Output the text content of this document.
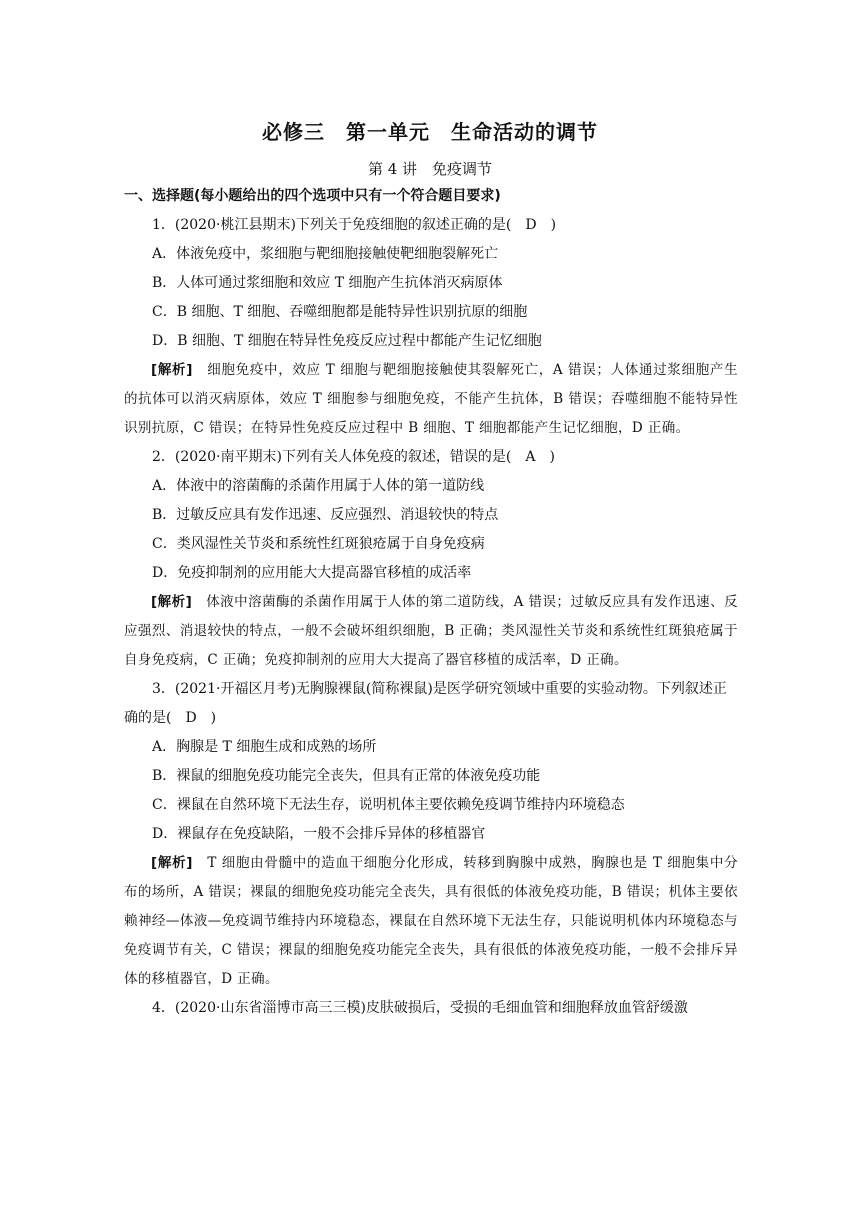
必修三　第一单元　生命活动的调节
第 4 讲　免疫调节

一、选择题(每小题给出的四个选项中只有一个符合题目要求)

1．(2020·桃江县期末)下列关于免疫细胞的叙述正确的是(　D　)

A．体液免疫中，浆细胞与靶细胞接触使靶细胞裂解死亡

B．人体可通过浆细胞和效应 T 细胞产生抗体消灭病原体

C．B 细胞、T 细胞、吞噬细胞都是能特异性识别抗原的细胞

D．B 细胞、T 细胞在特异性免疫反应过程中都能产生记忆细胞

[解析]　细胞免疫中，效应 T 细胞与靶细胞接触使其裂解死亡，A 错误；人体通过浆细胞产生的抗体可以消灭病原体，效应 T 细胞参与细胞免疫，不能产生抗体，B 错误；吞噬细胞不能特异性识别抗原，C 错误；在特异性免疫反应过程中 B 细胞、T 细胞都能产生记忆细胞，D 正确。

2．(2020·南平期末)下列有关人体免疫的叙述，错误的是(　A　)

A．体液中的溶菌酶的杀菌作用属于人体的第一道防线

B．过敏反应具有发作迅速、反应强烈、消退较快的特点

C．类风湿性关节炎和系统性红斑狼疮属于自身免疫病

D．免疫抑制剂的应用能大大提高器官移植的成活率

[解析]　体液中溶菌酶的杀菌作用属于人体的第二道防线，A 错误；过敏反应具有发作迅速、反应强烈、消退较快的特点，一般不会破坏组织细胞，B 正确；类风湿性关节炎和系统性红斑狼疮属于自身免疫病，C 正确；免疫抑制剂的应用大大提高了器官移植的成活率，D 正确。

3．(2021·开福区月考)无胸腺裸鼠(简称裸鼠)是医学研究领域中重要的实验动物。下列叙述正确的是(　D　)

A．胸腺是 T 细胞生成和成熟的场所

B．裸鼠的细胞免疫功能完全丧失，但具有正常的体液免疫功能

C．裸鼠在自然环境下无法生存，说明机体主要依赖免疫调节维持内环境稳态

D．裸鼠存在免疫缺陷，一般不会排斥异体的移植器官

[解析]　T 细胞由骨髓中的造血干细胞分化形成，转移到胸腺中成熟，胸腺也是 T 细胞集中分布的场所，A 错误；裸鼠的细胞免疫功能完全丧失，具有很低的体液免疫功能，B 错误；机体主要依赖神经—体液—免疫调节维持内环境稳态，裸鼠在自然环境下无法生存，只能说明机体内环境稳态与免疫调节有关，C 错误；裸鼠的细胞免疫功能完全丧失，具有很低的体液免疫功能，一般不会排斥异体的移植器官，D 正确。

4．(2020·山东省淄博市高三三模)皮肤破损后，受损的毛细血管和细胞释放血管舒缓激
